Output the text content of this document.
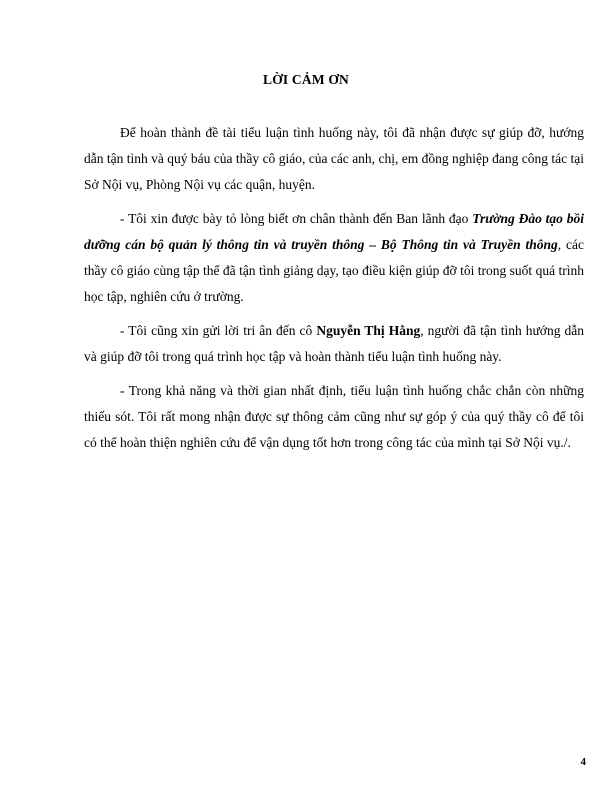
LỜI CẢM ƠN

Để hoàn thành đề tài tiểu luận tình huống này, tôi đã nhận được sự giúp đỡ, hướng dẫn tận tình và quý báu của thầy cô giáo, của các anh, chị, em đồng nghiệp đang công tác tại Sở Nội vụ, Phòng Nội vụ các quận, huyện.

- Tôi xin được bày tỏ lòng biết ơn chân thành đến Ban lãnh đạo Trường Đào tạo bồi dưỡng cán bộ quản lý thông tin và truyền thông – Bộ Thông tin và Truyền thông, các thầy cô giáo cùng tập thể đã tận tình giảng dạy, tạo điều kiện giúp đỡ tôi trong suốt quá trình học tập, nghiên cứu ở trường.

- Tôi cũng xin gửi lời tri ân đến cô Nguyễn Thị Hằng, người đã tận tình hướng dẫn và giúp đỡ tôi trong quá trình học tập và hoàn thành tiểu luận tình huống này.

- Trong khả năng và thời gian nhất định, tiểu luận tình huống chắc chắn còn những thiếu sót. Tôi rất mong nhận được sự thông cảm cũng như sự góp ý của quý thầy cô để tôi có thể hoàn thiện nghiên cứu để vận dụng tốt hơn trong công tác của mình tại Sở Nội vụ./.

4
